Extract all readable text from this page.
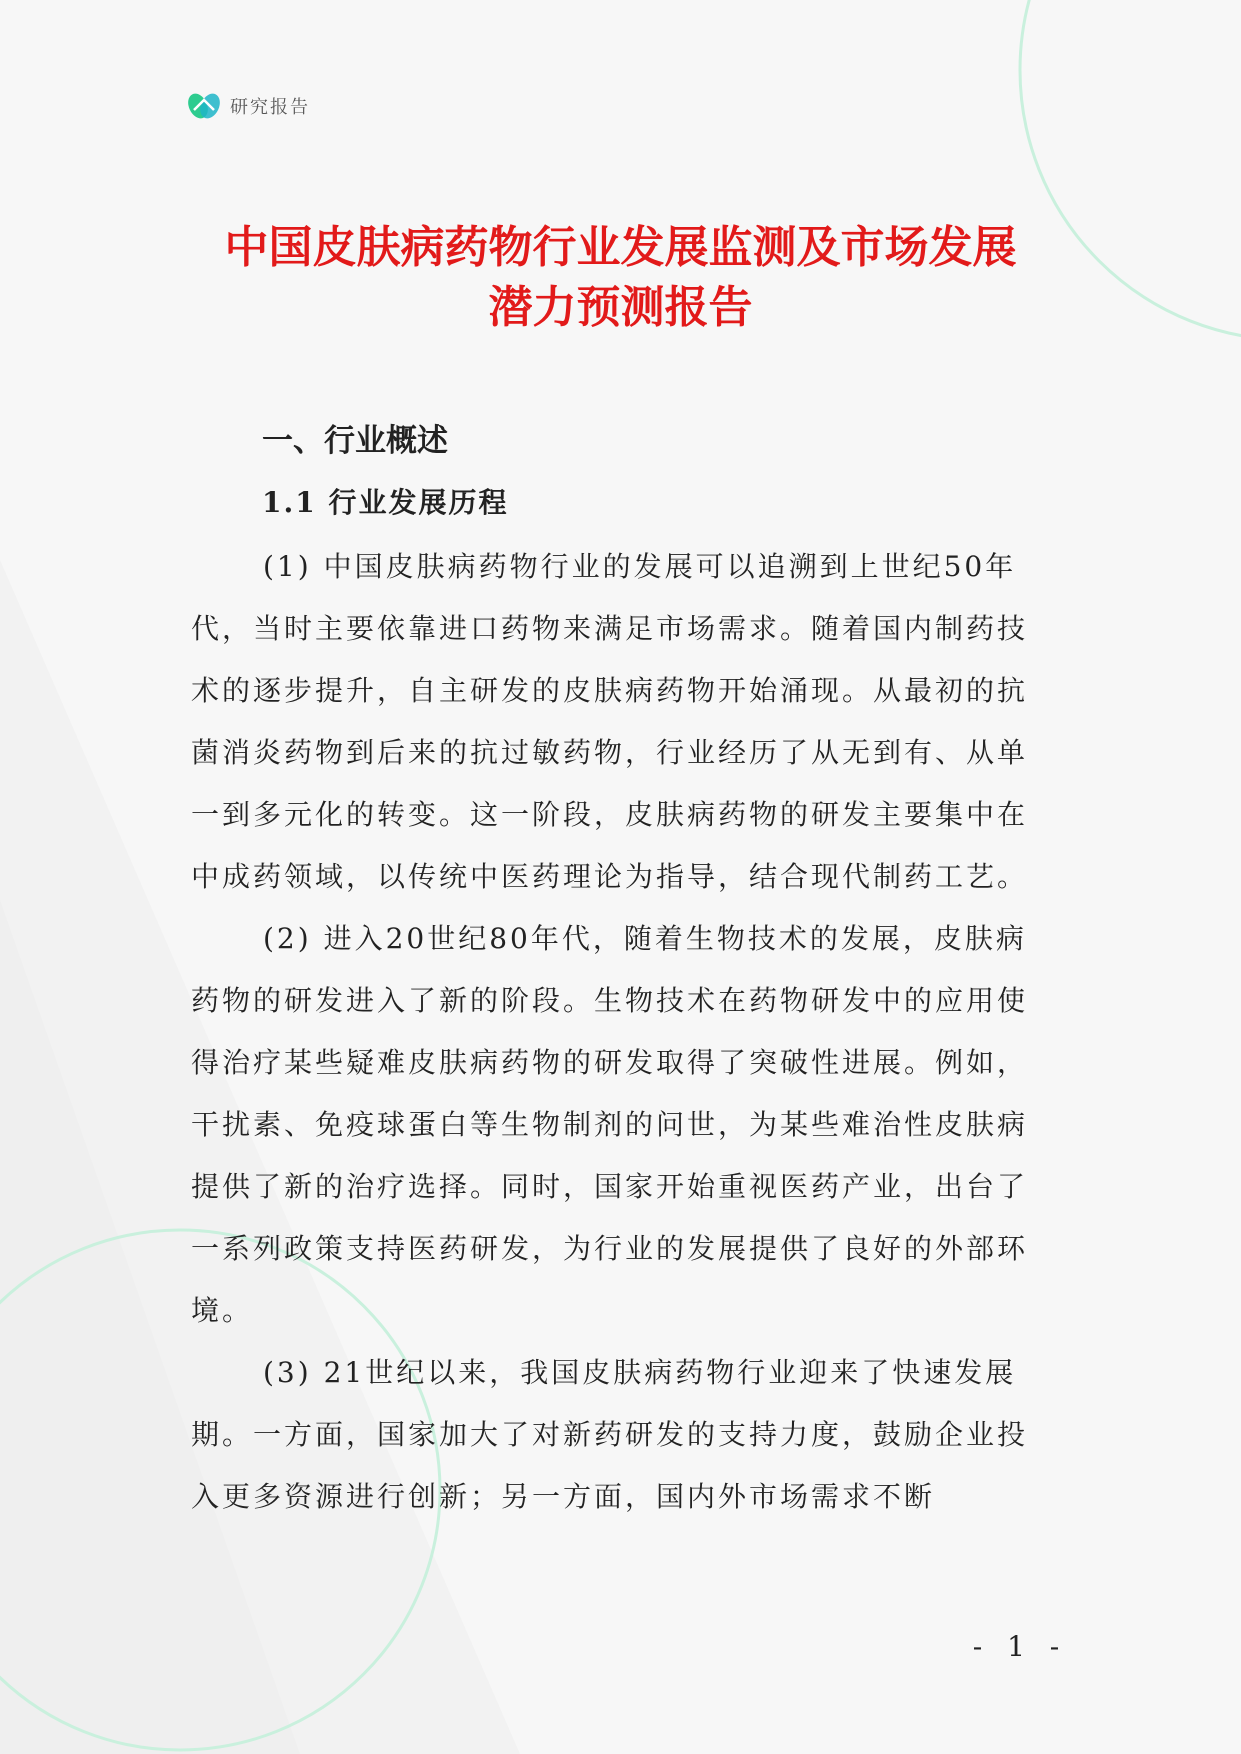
研究报告
中国皮肤病药物行业发展监测及市场发展
潜力预测报告
一、行业概述
1.1 行业发展历程

(1) 中国皮肤病药物行业的发展可以追溯到上世纪50年代，当时主要依靠进口药物来满足市场需求。随着国内制药技术的逐步提升，自主研发的皮肤病药物开始涌现。从最初的抗菌消炎药物到后来的抗过敏药物，行业经历了从无到有、从单一到多元化的转变。这一阶段，皮肤病药物的研发主要集中在中成药领域，以传统中医药理论为指导，结合现代制药工艺。

(2) 进入20世纪80年代，随着生物技术的发展，皮肤病药物的研发进入了新的阶段。生物技术在药物研发中的应用使得治疗某些疑难皮肤病药物的研发取得了突破性进展。例如，干扰素、免疫球蛋白等生物制剂的问世，为某些难治性皮肤病提供了新的治疗选择。同时，国家开始重视医药产业，出台了一系列政策支持医药研发，为行业的发展提供了良好的外部环境。

(3) 21世纪以来，我国皮肤病药物行业迎来了快速发展期。一方面，国家加大了对新药研发的支持力度，鼓励企业投入更多资源进行创新；另一方面，国内外市场需求不断

- 1 -
